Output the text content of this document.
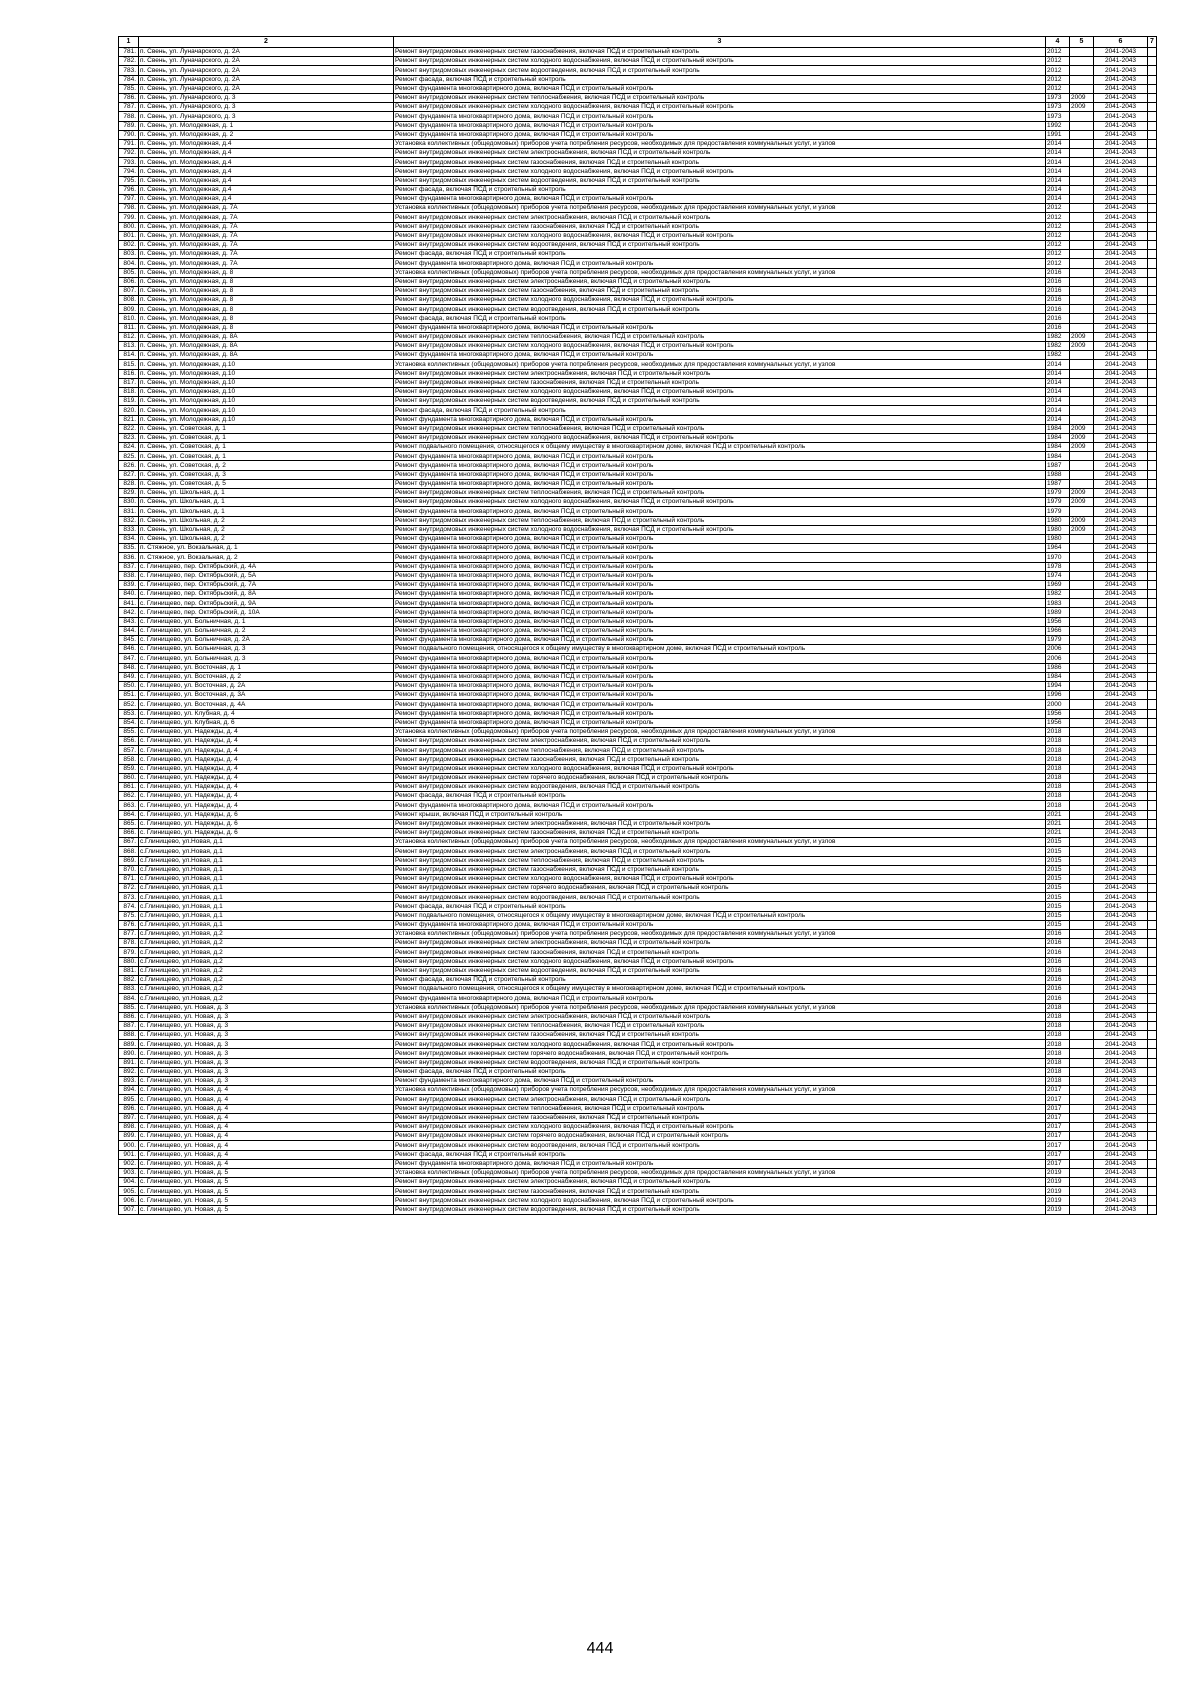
1	2	3	4	5	6	7
781.	п. Свень, ул. Луначарского, д. 2А	Ремонт внутридомовых инженерных систем газоснабжения, включая ПСД и строительный контроль	2012		2041-2043	
782.	п. Свень, ул. Луначарского, д. 2А	Ремонт внутридомовых инженерных систем холодного водоснабжения, включая ПСД и строительный контроль	2012		2041-2043	
783.	п. Свень, ул. Луначарского, д. 2А	Ремонт внутридомовых инженерных систем водоотведения, включая ПСД и строительный контроль	2012		2041-2043	
784.	п. Свень, ул. Луначарского, д. 2А	Ремонт фасада, включая ПСД и строительный контроль	2012		2041-2043	
785.	п. Свень, ул. Луначарского, д. 2А	Ремонт фундамента многоквартирного дома, включая ПСД и строительный контроль	2012		2041-2043	
786.	п. Свень, ул. Луначарского, д. 3	Ремонт внутридомовых инженерных систем теплоснабжения, включая ПСД и строительный контроль	1973	2009	2041-2043	
787.	п. Свень, ул. Луначарского, д. 3	Ремонт внутридомовых инженерных систем холодного водоснабжения, включая ПСД и строительный контроль	1973	2009	2041-2043	
788.	п. Свень, ул. Луначарского, д. 3	Ремонт фундамента многоквартирного дома, включая ПСД и строительный контроль	1973		2041-2043	
789.	п. Свень, ул. Молодежная, д. 1	Ремонт фундамента многоквартирного дома, включая ПСД и строительный контроль	1992		2041-2043	
790.	п. Свень, ул. Молодежная, д. 2	Ремонт фундамента многоквартирного дома, включая ПСД и строительный контроль	1991		2041-2043	
791.	п. Свень, ул. Молодежная, д.4	Установка коллективных (общедомовых) приборов учета потребления ресурсов, необходимых для предоставления коммунальных услуг, и узлов	2014		2041-2043	
792.	п. Свень, ул. Молодежная, д.4	Ремонт внутридомовых инженерных систем электроснабжения, включая ПСД и строительный контроль	2014		2041-2043	
793.	п. Свень, ул. Молодежная, д.4	Ремонт внутридомовых инженерных систем газоснабжения, включая ПСД и строительный контроль	2014		2041-2043	
794.	п. Свень, ул. Молодежная, д.4	Ремонт внутридомовых инженерных систем холодного водоснабжения, включая ПСД и строительный контроль	2014		2041-2043	
795.	п. Свень, ул. Молодежная, д.4	Ремонт внутридомовых инженерных систем водоотведения, включая ПСД и строительный контроль	2014		2041-2043	
796.	п. Свень, ул. Молодежная, д.4	Ремонт фасада, включая ПСД и строительный контроль	2014		2041-2043	
797.	п. Свень, ул. Молодежная, д.4	Ремонт фундамента многоквартирного дома, включая ПСД и строительный контроль	2014		2041-2043	
798.	п. Свень, ул. Молодежная, д. 7А	Установка коллективных (общедомовых) приборов учета потребления ресурсов, необходимых для предоставления коммунальных услуг, и узлов	2012		2041-2043	
799.	п. Свень, ул. Молодежная, д. 7А	Ремонт внутридомовых инженерных систем электроснабжения, включая ПСД и строительный контроль	2012		2041-2043	
800.	п. Свень, ул. Молодежная, д. 7А	Ремонт внутридомовых инженерных систем газоснабжения, включая ПСД и строительный контроль	2012		2041-2043	
801.	п. Свень, ул. Молодежная, д. 7А	Ремонт внутридомовых инженерных систем холодного водоснабжения, включая ПСД и строительный контроль	2012		2041-2043	
802.	п. Свень, ул. Молодежная, д. 7А	Ремонт внутридомовых инженерных систем водоотведения, включая ПСД и строительный контроль	2012		2041-2043	
803.	п. Свень, ул. Молодежная, д. 7А	Ремонт фасада, включая ПСД и строительный контроль	2012		2041-2043	
804.	п. Свень, ул. Молодежная, д. 7А	Ремонт фундамента многоквартирного дома, включая ПСД и строительный контроль	2012		2041-2043	
805.	п. Свень, ул. Молодежная, д. 8	Установка коллективных (общедомовых) приборов учета потребления ресурсов, необходимых для предоставления коммунальных услуг, и узлов	2016		2041-2043	
806.	п. Свень, ул. Молодежная, д. 8	Ремонт внутридомовых инженерных систем электроснабжения, включая ПСД и строительный контроль	2016		2041-2043	
807.	п. Свень, ул. Молодежная, д. 8	Ремонт внутридомовых инженерных систем газоснабжения, включая ПСД и строительный контроль	2016		2041-2043	
808.	п. Свень, ул. Молодежная, д. 8	Ремонт внутридомовых инженерных систем холодного водоснабжения, включая ПСД и строительный контроль	2016		2041-2043	
809.	п. Свень, ул. Молодежная, д. 8	Ремонт внутридомовых инженерных систем водоотведения, включая ПСД и строительный контроль	2016		2041-2043	
810.	п. Свень, ул. Молодежная, д. 8	Ремонт фасада, включая ПСД и строительный контроль	2016		2041-2043	
811.	п. Свень, ул. Молодежная, д. 8	Ремонт фундамента многоквартирного дома, включая ПСД и строительный контроль	2016		2041-2043	
812.	п. Свень, ул. Молодежная, д. 8А	Ремонт внутридомовых инженерных систем теплоснабжения, включая ПСД и строительный контроль	1982	2009	2041-2043	
813.	п. Свень, ул. Молодежная, д. 8А	Ремонт внутридомовых инженерных систем холодного водоснабжения, включая ПСД и строительный контроль	1982	2009	2041-2043	
814.	п. Свень, ул. Молодежная, д. 8А	Ремонт фундамента многоквартирного дома, включая ПСД и строительный контроль	1982		2041-2043	
815.	п. Свень, ул. Молодежная, д.10	Установка коллективных (общедомовых) приборов учета потребления ресурсов, необходимых для предоставления коммунальных услуг, и узлов	2014		2041-2043	
816.	п. Свень, ул. Молодежная, д.10	Ремонт внутридомовых инженерных систем электроснабжения, включая ПСД и строительный контроль	2014		2041-2043	
817.	п. Свень, ул. Молодежная, д.10	Ремонт внутридомовых инженерных систем газоснабжения, включая ПСД и строительный контроль	2014		2041-2043	
818.	п. Свень, ул. Молодежная, д.10	Ремонт внутридомовых инженерных систем холодного водоснабжения, включая ПСД и строительный контроль	2014		2041-2043	
819.	п. Свень, ул. Молодежная, д.10	Ремонт внутридомовых инженерных систем водоотведения, включая ПСД и строительный контроль	2014		2041-2043	
820.	п. Свень, ул. Молодежная, д.10	Ремонт фасада, включая ПСД и строительный контроль	2014		2041-2043	
821.	п. Свень, ул. Молодежная, д.10	Ремонт фундамента многоквартирного дома, включая ПСД и строительный контроль	2014		2041-2043	
822.	п. Свень, ул. Советская, д. 1	Ремонт внутридомовых инженерных систем теплоснабжения, включая ПСД и строительный контроль	1984	2009	2041-2043	
823.	п. Свень, ул. Советская, д. 1	Ремонт внутридомовых инженерных систем холодного водоснабжения, включая ПСД и строительный контроль	1984	2009	2041-2043	
824.	п. Свень, ул. Советская, д. 1	Ремонт подвального помещения, относящегося к общему имуществу в многоквартирном доме, включая ПСД и строительный контроль	1984	2009	2041-2043	
825.	п. Свень, ул. Советская, д. 1	Ремонт фундамента многоквартирного дома, включая ПСД и строительный контроль	1984		2041-2043	
826.	п. Свень, ул. Советская, д. 2	Ремонт фундамента многоквартирного дома, включая ПСД и строительный контроль	1987		2041-2043	
827.	п. Свень, ул. Советская, д. 3	Ремонт фундамента многоквартирного дома, включая ПСД и строительный контроль	1988		2041-2043	
828.	п. Свень, ул. Советская, д. 5	Ремонт фундамента многоквартирного дома, включая ПСД и строительный контроль	1987		2041-2043	
829.	п. Свень, ул. Школьная, д. 1	Ремонт внутридомовых инженерных систем теплоснабжения, включая ПСД и строительный контроль	1979	2009	2041-2043	
830.	п. Свень, ул. Школьная, д. 1	Ремонт внутридомовых инженерных систем холодного водоснабжения, включая ПСД и строительный контроль	1979	2009	2041-2043	
831.	п. Свень, ул. Школьная, д. 1	Ремонт фундамента многоквартирного дома, включая ПСД и строительный контроль	1979		2041-2043	
832.	п. Свень, ул. Школьная, д. 2	Ремонт внутридомовых инженерных систем теплоснабжения, включая ПСД и строительный контроль	1980	2009	2041-2043	
833.	п. Свень, ул. Школьная, д. 2	Ремонт внутридомовых инженерных систем холодного водоснабжения, включая ПСД и строительный контроль	1980	2009	2041-2043	
834.	п. Свень, ул. Школьная, д. 2	Ремонт фундамента многоквартирного дома, включая ПСД и строительный контроль	1980		2041-2043	
835.	п. Стяжное, ул. Вокзальная, д. 1	Ремонт фундамента многоквартирного дома, включая ПСД и строительный контроль	1964		2041-2043	
836.	п. Стяжное, ул. Вокзальная, д. 2	Ремонт фундамента многоквартирного дома, включая ПСД и строительный контроль	1970		2041-2043	
837.	с. Глинищево, пер. Октябрьский, д. 4А	Ремонт фундамента многоквартирного дома, включая ПСД и строительный контроль	1978		2041-2043	
838.	с. Глинищево, пер. Октябрьский, д. 5А	Ремонт фундамента многоквартирного дома, включая ПСД и строительный контроль	1974		2041-2043	
839.	с. Глинищево, пер. Октябрьский, д. 7А	Ремонт фундамента многоквартирного дома, включая ПСД и строительный контроль	1969		2041-2043	
840.	с. Глинищево, пер. Октябрьский, д. 8А	Ремонт фундамента многоквартирного дома, включая ПСД и строительный контроль	1982		2041-2043	
841.	с. Глинищево, пер. Октябрьский, д. 9А	Ремонт фундамента многоквартирного дома, включая ПСД и строительный контроль	1983		2041-2043	
842.	с. Глинищево, пер. Октябрьский, д. 10А	Ремонт фундамента многоквартирного дома, включая ПСД и строительный контроль	1989		2041-2043	
843.	с. Глинищево, ул. Больничная, д. 1	Ремонт фундамента многоквартирного дома, включая ПСД и строительный контроль	1956		2041-2043	
844.	с. Глинищево, ул. Больничная, д. 2	Ремонт фундамента многоквартирного дома, включая ПСД и строительный контроль	1966		2041-2043	
845.	с. Глинищево, ул. Больничная, д. 2А	Ремонт фундамента многоквартирного дома, включая ПСД и строительный контроль	1979		2041-2043	
846.	с. Глинищево, ул. Больничная, д. 3	Ремонт подвального помещения, относящегося к общему имуществу в многоквартирном доме, включая ПСД и строительный контроль	2006		2041-2043	
847.	с. Глинищево, ул. Больничная, д. 3	Ремонт фундамента многоквартирного дома, включая ПСД и строительный контроль	2006		2041-2043	
848.	с. Глинищево, ул. Восточная, д. 1	Ремонт фундамента многоквартирного дома, включая ПСД и строительный контроль	1986		2041-2043	
849.	с. Глинищево, ул. Восточная, д. 2	Ремонт фундамента многоквартирного дома, включая ПСД и строительный контроль	1984		2041-2043	
850.	с. Глинищево, ул. Восточная, д. 2А	Ремонт фундамента многоквартирного дома, включая ПСД и строительный контроль	1994		2041-2043	
851.	с. Глинищево, ул. Восточная, д. 3А	Ремонт фундамента многоквартирного дома, включая ПСД и строительный контроль	1996		2041-2043	
852.	с. Глинищево, ул. Восточная, д. 4А	Ремонт фундамента многоквартирного дома, включая ПСД и строительный контроль	2000		2041-2043	
853.	с. Глинищево, ул. Клубная, д. 4	Ремонт фундамента многоквартирного дома, включая ПСД и строительный контроль	1956		2041-2043	
854.	с. Глинищево, ул. Клубная, д. 6	Ремонт фундамента многоквартирного дома, включая ПСД и строительный контроль	1956		2041-2043	
855.	с. Глинищево, ул. Надежды, д. 4	Установка коллективных (общедомовых) приборов учета потребления ресурсов, необходимых для предоставления коммунальных услуг, и узлов	2018		2041-2043	
856.	с. Глинищево, ул. Надежды, д. 4	Ремонт внутридомовых инженерных систем электроснабжения, включая ПСД и строительный контроль	2018		2041-2043	
857.	с. Глинищево, ул. Надежды, д. 4	Ремонт внутридомовых инженерных систем теплоснабжения, включая ПСД и строительный контроль	2018		2041-2043	
858.	с. Глинищево, ул. Надежды, д. 4	Ремонт внутридомовых инженерных систем газоснабжения, включая ПСД и строительный контроль	2018		2041-2043	
859.	с. Глинищево, ул. Надежды, д. 4	Ремонт внутридомовых инженерных систем холодного водоснабжения, включая ПСД и строительный контроль	2018		2041-2043	
860.	с. Глинищево, ул. Надежды, д. 4	Ремонт внутридомовых инженерных систем горячего водоснабжения, включая ПСД и строительный контроль	2018		2041-2043	
861.	с. Глинищево, ул. Надежды, д. 4	Ремонт внутридомовых инженерных систем водоотведения, включая ПСД и строительный контроль	2018		2041-2043	
862.	с. Глинищево, ул. Надежды, д. 4	Ремонт фасада, включая ПСД и строительный контроль	2018		2041-2043	
863.	с. Глинищево, ул. Надежды, д. 4	Ремонт фундамента многоквартирного дома, включая ПСД и строительный контроль	2018		2041-2043	
864.	с. Глинищево, ул. Надежды, д. 6	Ремонт крыши, включая ПСД и строительный контроль	2021		2041-2043	
865.	с. Глинищево, ул. Надежды, д. 6	Ремонт внутридомовых инженерных систем электроснабжения, включая ПСД и строительный контроль	2021		2041-2043	
866.	с. Глинищево, ул. Надежды, д. 6	Ремонт внутридомовых инженерных систем газоснабжения, включая ПСД и строительный контроль	2021		2041-2043	
867.	с.Глинищево, ул.Новая, д.1	Установка коллективных (общедомовых) приборов учета потребления ресурсов, необходимых для предоставления коммунальных услуг, и узлов	2015		2041-2043	
868.	с.Глинищево, ул.Новая, д.1	Ремонт внутридомовых инженерных систем электроснабжения, включая ПСД и строительный контроль	2015		2041-2043	
869.	с.Глинищево, ул.Новая, д.1	Ремонт внутридомовых инженерных систем теплоснабжения, включая ПСД и строительный контроль	2015		2041-2043	
870.	с.Глинищево, ул.Новая, д.1	Ремонт внутридомовых инженерных систем газоснабжения, включая ПСД и строительный контроль	2015		2041-2043	
871.	с.Глинищево, ул.Новая, д.1	Ремонт внутридомовых инженерных систем холодного водоснабжения, включая ПСД и строительный контроль	2015		2041-2043	
872.	с.Глинищево, ул.Новая, д.1	Ремонт внутридомовых инженерных систем горячего водоснабжения, включая ПСД и строительный контроль	2015		2041-2043	
873.	с.Глинищево, ул.Новая, д.1	Ремонт внутридомовых инженерных систем водоотведения, включая ПСД и строительный контроль	2015		2041-2043	
874.	с.Глинищево, ул.Новая, д.1	Ремонт фасада, включая ПСД и строительный контроль	2015		2041-2043	
875.	с.Глинищево, ул.Новая, д.1	Ремонт подвального помещения, относящегося к общему имуществу в многоквартирном доме, включая ПСД и строительный контроль	2015		2041-2043	
876.	с.Глинищево, ул.Новая, д.1	Ремонт фундамента многоквартирного дома, включая ПСД и строительный контроль	2015		2041-2043	
877.	с.Глинищево, ул.Новая, д.2	Установка коллективных (общедомовых) приборов учета потребления ресурсов, необходимых для предоставления коммунальных услуг, и узлов	2016		2041-2043	
878.	с.Глинищево, ул.Новая, д.2	Ремонт внутридомовых инженерных систем электроснабжения, включая ПСД и строительный контроль	2016		2041-2043	
879.	с.Глинищево, ул.Новая, д.2	Ремонт внутридомовых инженерных систем газоснабжения, включая ПСД и строительный контроль	2016		2041-2043	
880.	с.Глинищево, ул.Новая, д.2	Ремонт внутридомовых инженерных систем холодного водоснабжения, включая ПСД и строительный контроль	2016		2041-2043	
881.	с.Глинищево, ул.Новая, д.2	Ремонт внутридомовых инженерных систем водоотведения, включая ПСД и строительный контроль	2016		2041-2043	
882.	с.Глинищево, ул.Новая, д.2	Ремонт фасада, включая ПСД и строительный контроль	2016		2041-2043	
883.	с.Глинищево, ул.Новая, д.2	Ремонт подвального помещения, относящегося к общему имуществу в многоквартирном доме, включая ПСД и строительный контроль	2016		2041-2043	
884.	с.Глинищево, ул.Новая, д.2	Ремонт фундамента многоквартирного дома, включая ПСД и строительный контроль	2016		2041-2043	
885.	с. Глинищево, ул. Новая, д. 3	Установка коллективных (общедомовых) приборов учета потребления ресурсов, необходимых для предоставления коммунальных услуг, и узлов	2018		2041-2043	
886.	с. Глинищево, ул. Новая, д. 3	Ремонт внутридомовых инженерных систем электроснабжения, включая ПСД и строительный контроль	2018		2041-2043	
887.	с. Глинищево, ул. Новая, д. 3	Ремонт внутридомовых инженерных систем теплоснабжения, включая ПСД и строительный контроль	2018		2041-2043	
888.	с. Глинищево, ул. Новая, д. 3	Ремонт внутридомовых инженерных систем газоснабжения, включая ПСД и строительный контроль	2018		2041-2043	
889.	с. Глинищево, ул. Новая, д. 3	Ремонт внутридомовых инженерных систем холодного водоснабжения, включая ПСД и строительный контроль	2018		2041-2043	
890.	с. Глинищево, ул. Новая, д. 3	Ремонт внутридомовых инженерных систем горячего водоснабжения, включая ПСД и строительный контроль	2018		2041-2043	
891.	с. Глинищево, ул. Новая, д. 3	Ремонт внутридомовых инженерных систем водоотведения, включая ПСД и строительный контроль	2018		2041-2043	
892.	с. Глинищево, ул. Новая, д. 3	Ремонт фасада, включая ПСД и строительный контроль	2018		2041-2043	
893.	с. Глинищево, ул. Новая, д. 3	Ремонт фундамента многоквартирного дома, включая ПСД и строительный контроль	2018		2041-2043	
894.	с. Глинищево, ул. Новая, д. 4	Установка коллективных (общедомовых) приборов учета потребления ресурсов, необходимых для предоставления коммунальных услуг, и узлов	2017		2041-2043	
895.	с. Глинищево, ул. Новая, д. 4	Ремонт внутридомовых инженерных систем электроснабжения, включая ПСД и строительный контроль	2017		2041-2043	
896.	с. Глинищево, ул. Новая, д. 4	Ремонт внутридомовых инженерных систем теплоснабжения, включая ПСД и строительный контроль	2017		2041-2043	
897.	с. Глинищево, ул. Новая, д. 4	Ремонт внутридомовых инженерных систем газоснабжения, включая ПСД и строительный контроль	2017		2041-2043	
898.	с. Глинищево, ул. Новая, д. 4	Ремонт внутридомовых инженерных систем холодного водоснабжения, включая ПСД и строительный контроль	2017		2041-2043	
899.	с. Глинищево, ул. Новая, д. 4	Ремонт внутридомовых инженерных систем горячего водоснабжения, включая ПСД и строительный контроль	2017		2041-2043	
900.	с. Глинищево, ул. Новая, д. 4	Ремонт внутридомовых инженерных систем водоотведения, включая ПСД и строительный контроль	2017		2041-2043	
901.	с. Глинищево, ул. Новая, д. 4	Ремонт фасада, включая ПСД и строительный контроль	2017		2041-2043	
902.	с. Глинищево, ул. Новая, д. 4	Ремонт фундамента многоквартирного дома, включая ПСД и строительный контроль	2017		2041-2043	
903.	с. Глинищево, ул. Новая, д. 5	Установка коллективных (общедомовых) приборов учета потребления ресурсов, необходимых для предоставления коммунальных услуг, и узлов	2019		2041-2043	
904.	с. Глинищево, ул. Новая, д. 5	Ремонт внутридомовых инженерных систем электроснабжения, включая ПСД и строительный контроль	2019		2041-2043	
905.	с. Глинищево, ул. Новая, д. 5	Ремонт внутридомовых инженерных систем газоснабжения, включая ПСД и строительный контроль	2019		2041-2043	
906.	с. Глинищево, ул. Новая, д. 5	Ремонт внутридомовых инженерных систем холодного водоснабжения, включая ПСД и строительный контроль	2019		2041-2043	
907.	с. Глинищево, ул. Новая, д. 5	Ремонт внутридомовых инженерных систем водоотведения, включая ПСД и строительный контроль	2019		2041-2043	
444
